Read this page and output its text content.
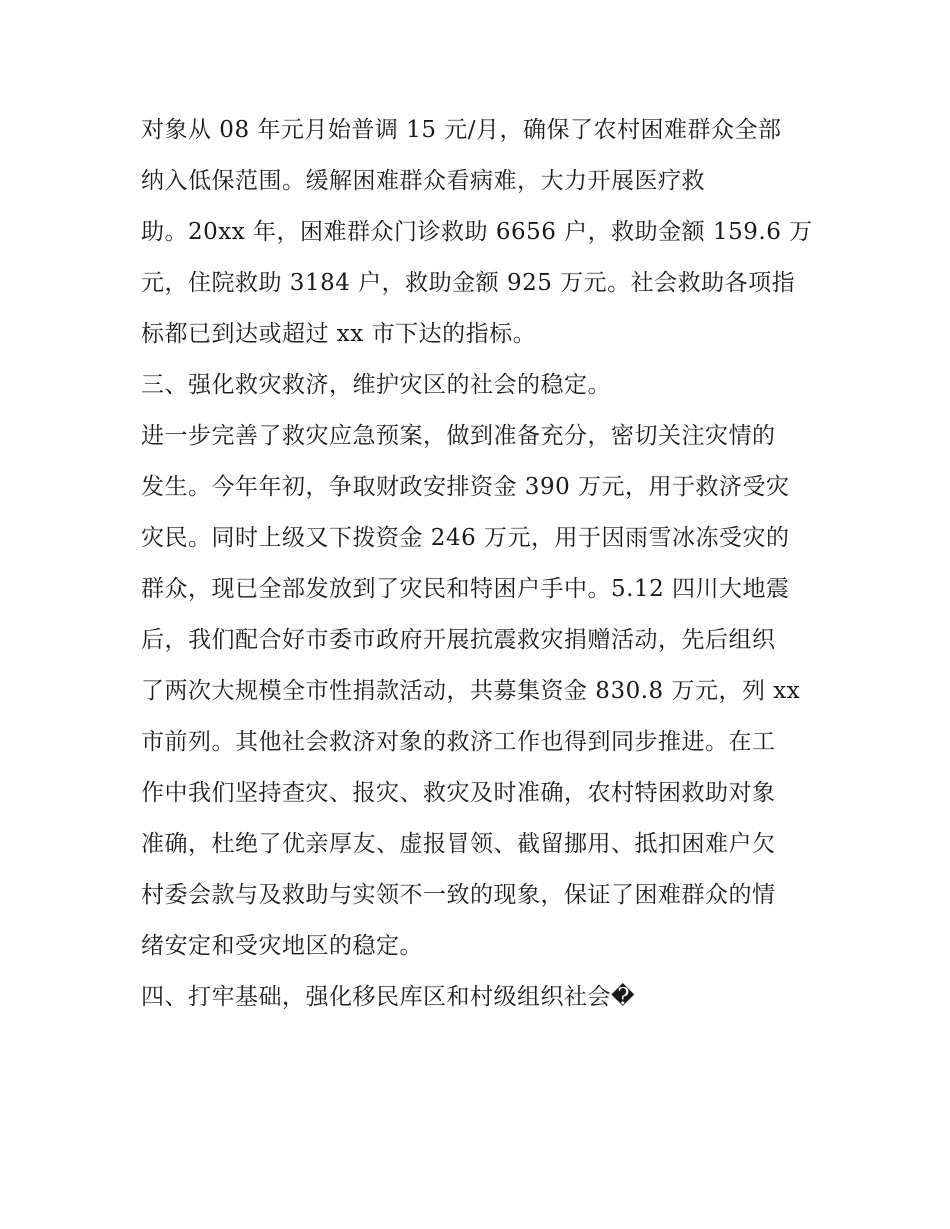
对象从 08 年元月始普调 15 元/月，确保了农村困难群众全部
纳入低保范围。缓解困难群众看病难，大力开展医疗救
助。20xx 年，困难群众门诊救助 6656 户，救助金额 159.6 万
元，住院救助 3184 户，救助金额 925 万元。社会救助各项指
标都已到达或超过 xx 市下达的指标。
三、强化救灾救济，维护灾区的社会的稳定。
进一步完善了救灾应急预案，做到准备充分，密切关注灾情的
发生。今年年初，争取财政安排资金 390 万元，用于救济受灾
灾民。同时上级又下拨资金 246 万元，用于因雨雪冰冻受灾的
群众，现已全部发放到了灾民和特困户手中。5.12 四川大地震
后，我们配合好市委市政府开展抗震救灾捐赠活动，先后组织
了两次大规模全市性捐款活动，共募集资金 830.8 万元，列 xx
市前列。其他社会救济对象的救济工作也得到同步推进。在工
作中我们坚持查灾、报灾、救灾及时准确，农村特困救助对象
准确，杜绝了优亲厚友、虚报冒领、截留挪用、抵扣困难户欠
村委会款与及救助与实领不一致的现象，保证了困难群众的情
绪安定和受灾地区的稳定。
四、打牢基础，强化移民库区和村级组织社会�
